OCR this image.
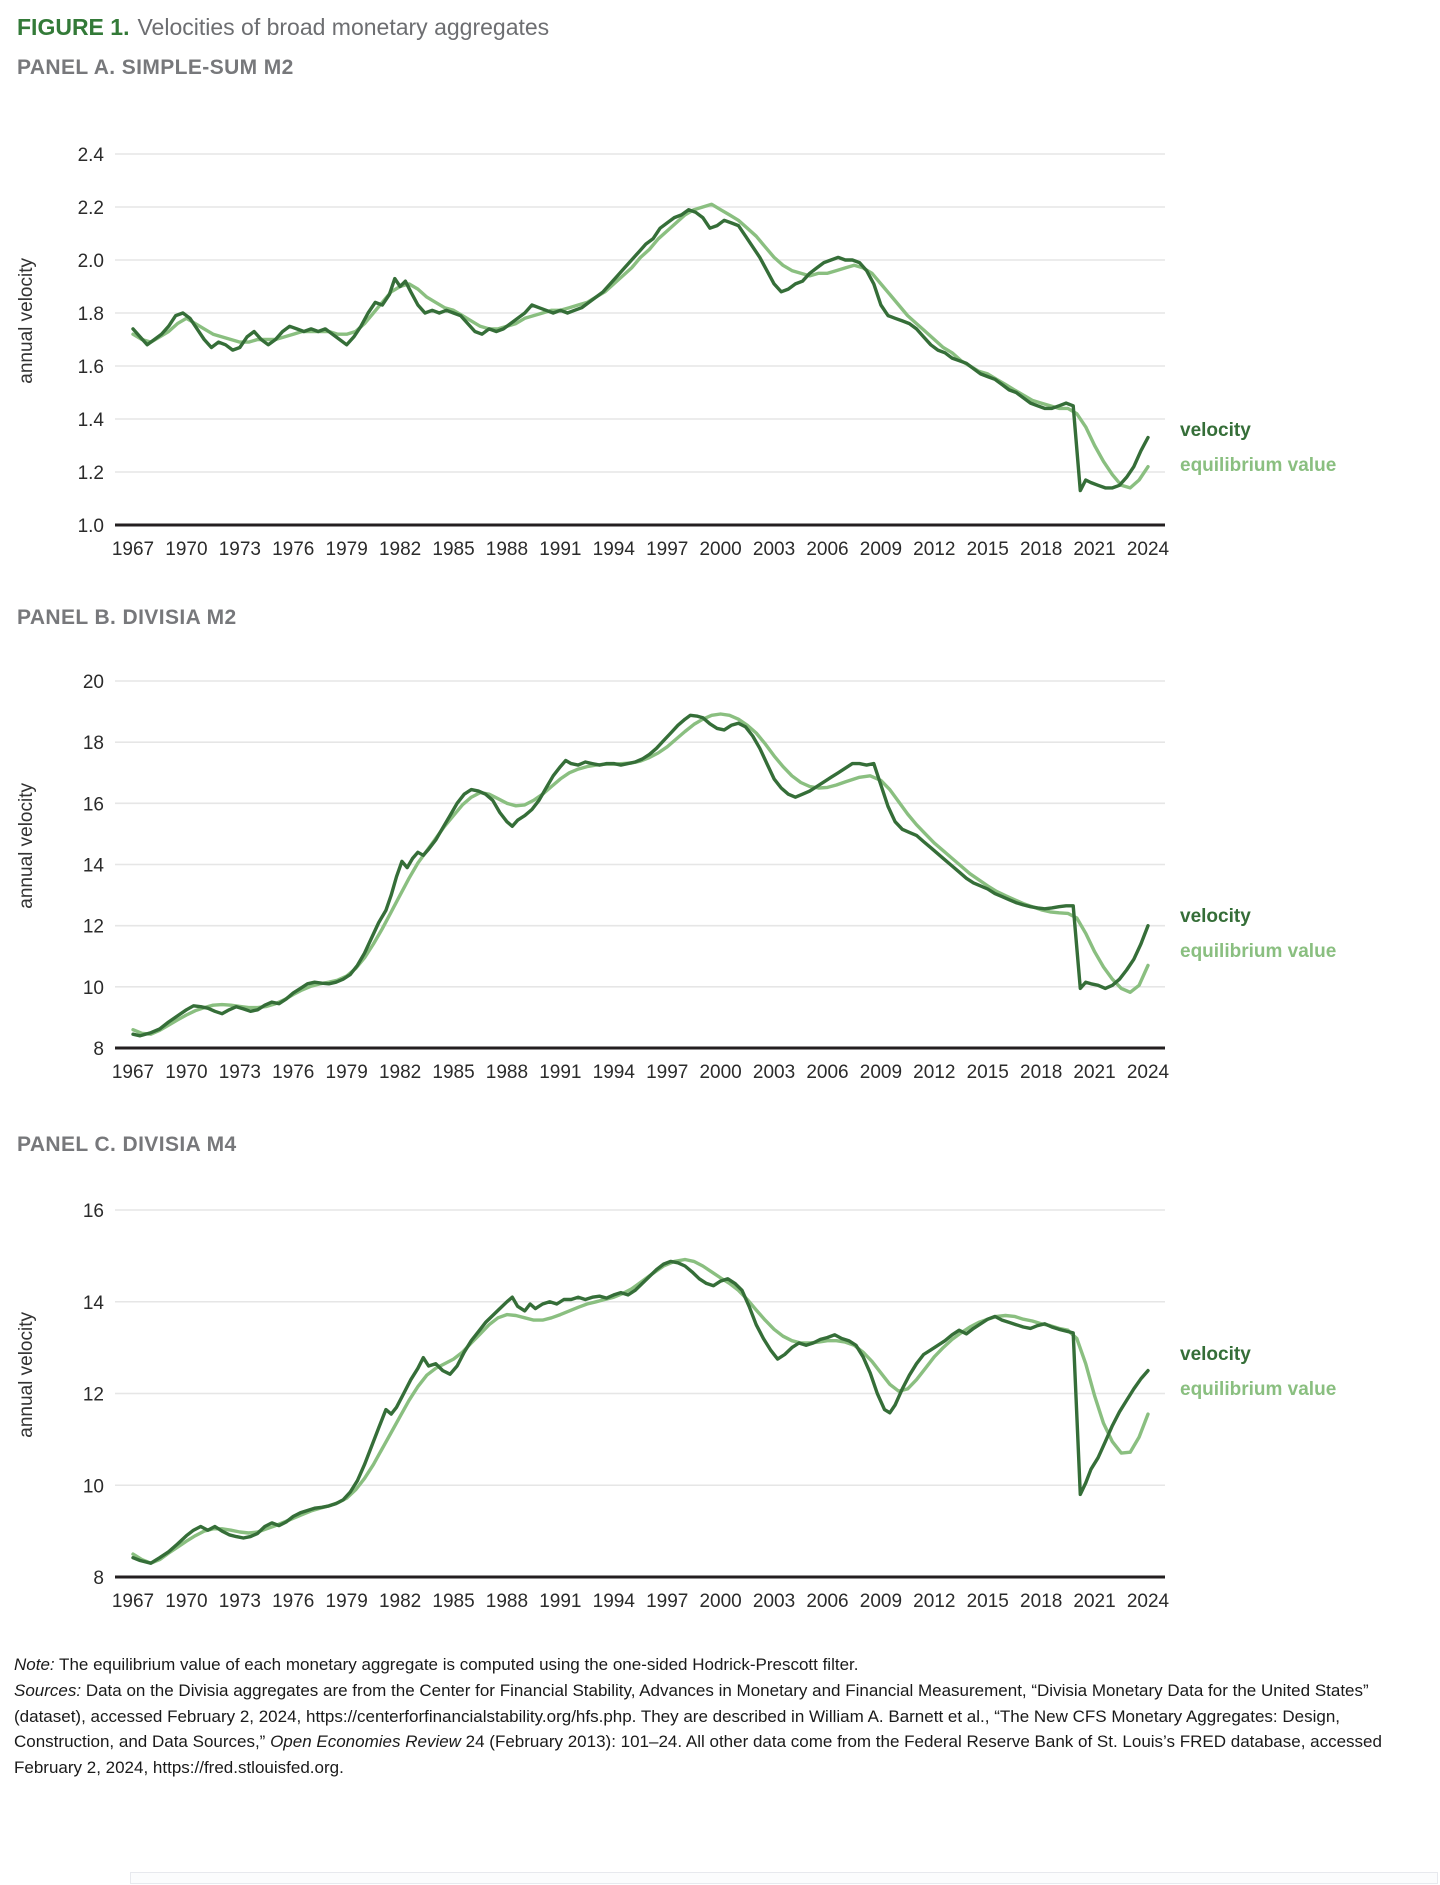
FIGURE 1. Velocities of broad monetary aggregates
PANEL A. SIMPLE-SUM M2
PANEL B. DIVISIA M2
PANEL C. DIVISIA M4
annual velocity
annual velocity
annual velocity
2.4
2.2
2.0
1.8
1.6
1.4
1.2
1.0
1967 1970 1973 1976 1979 1982 1985 1988 1991 1994 1997 2000 2003 2006 2009 2012 2015 2018 2021 2024
20
18
16
14
12
10
8
1967 1970 1973 1976 1979 1982 1985 1988 1991 1994 1997 2000 2003 2006 2009 2012 2015 2018 2021 2024
16
14
12
10
8
1967 1970 1973 1976 1979 1982 1985 1988 1991 1994 1997 2000 2003 2006 2009 2012 2015 2018 2021 2024
velocity
equilibrium value
velocity
equilibrium value
velocity
equilibrium value

Note: The equilibrium value of each monetary aggregate is computed using the one-sided Hodrick-Prescott filter.

Sources: Data on the Divisia aggregates are from the Center for Financial Stability, Advances in Monetary and Financial Measurement, “Divisia Monetary Data for the United States” (dataset), accessed February 2, 2024, https://centerforfinancialstability.org/hfs.php. They are described in William A. Barnett et al., “The New CFS Monetary Aggregates: Design, Construction, and Data Sources,” Open Economies Review 24 (February 2013): 101–24. All other data come from the Federal Reserve Bank of St. Louis’s FRED database, accessed February 2, 2024, https://fred.stlouisfed.org.
